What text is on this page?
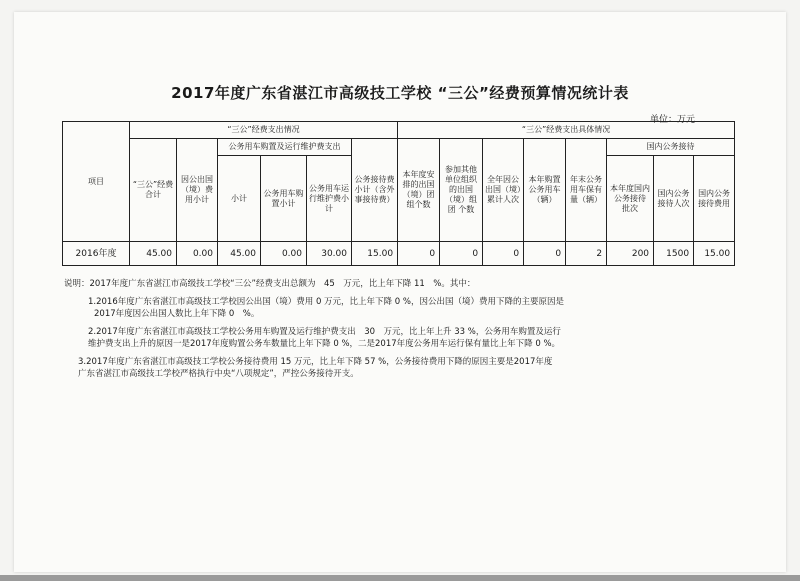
2017年度广东省湛江市高级技工学校 “三公”经费预算情况统计表
单位：万元
项目	“三公”经费支出情况						“三公”经费支出具体情况							
	“三公”经费合计	因公出国（境）费用小计	公务用车购置及运行维护费支出			公务接待费小计（含外事接待费）	本年度安排的出国（境）团组个数	参加其他单位组织的出国（境）组团 个数	全年因公出国（境）累计人次	本年购置公务用车（辆）	年末公务用车保有量（辆）	国内公务接待		
			小计	公务用车购置小计	公务用车运行维护费小计							本年度国内公务接待 批次	国内公务接待人次	国内公务接待费用

2016年度	45.00	0.00	45.00	0.00	30.00	15.00	0	0	0	0	2	200	1500	15.00

说明：2017年度广东省湛江市高级技工学校“三公”经费支出总额为　45　万元，比上年下降 11　%。其中：

1.2016年度广东省湛江市高级技工学校因公出国（境）费用 0 万元，比上年下降 0 %，因公出国（境）费用下降的主要原因是

2017年度因公出国人数比上年下降 0　%。

2.2017年度广东省湛江市高级技工学校公务用车购置及运行维护费支出　30　万元，比上年上升 33 %，公务用车购置及运行

维护费支出上升的原因一是2017年度购置公务车数量比上年下降 0 %，二是2017年度公务用车运行保有量比上年下降 0 %。

3.2017年度广东省湛江市高级技工学校公务接待费用 15 万元，比上年下降 57 %，公务接待费用下降的原因主要是2017年度

广东省湛江市高级技工学校严格执行中央“八项规定”，严控公务接待开支。
